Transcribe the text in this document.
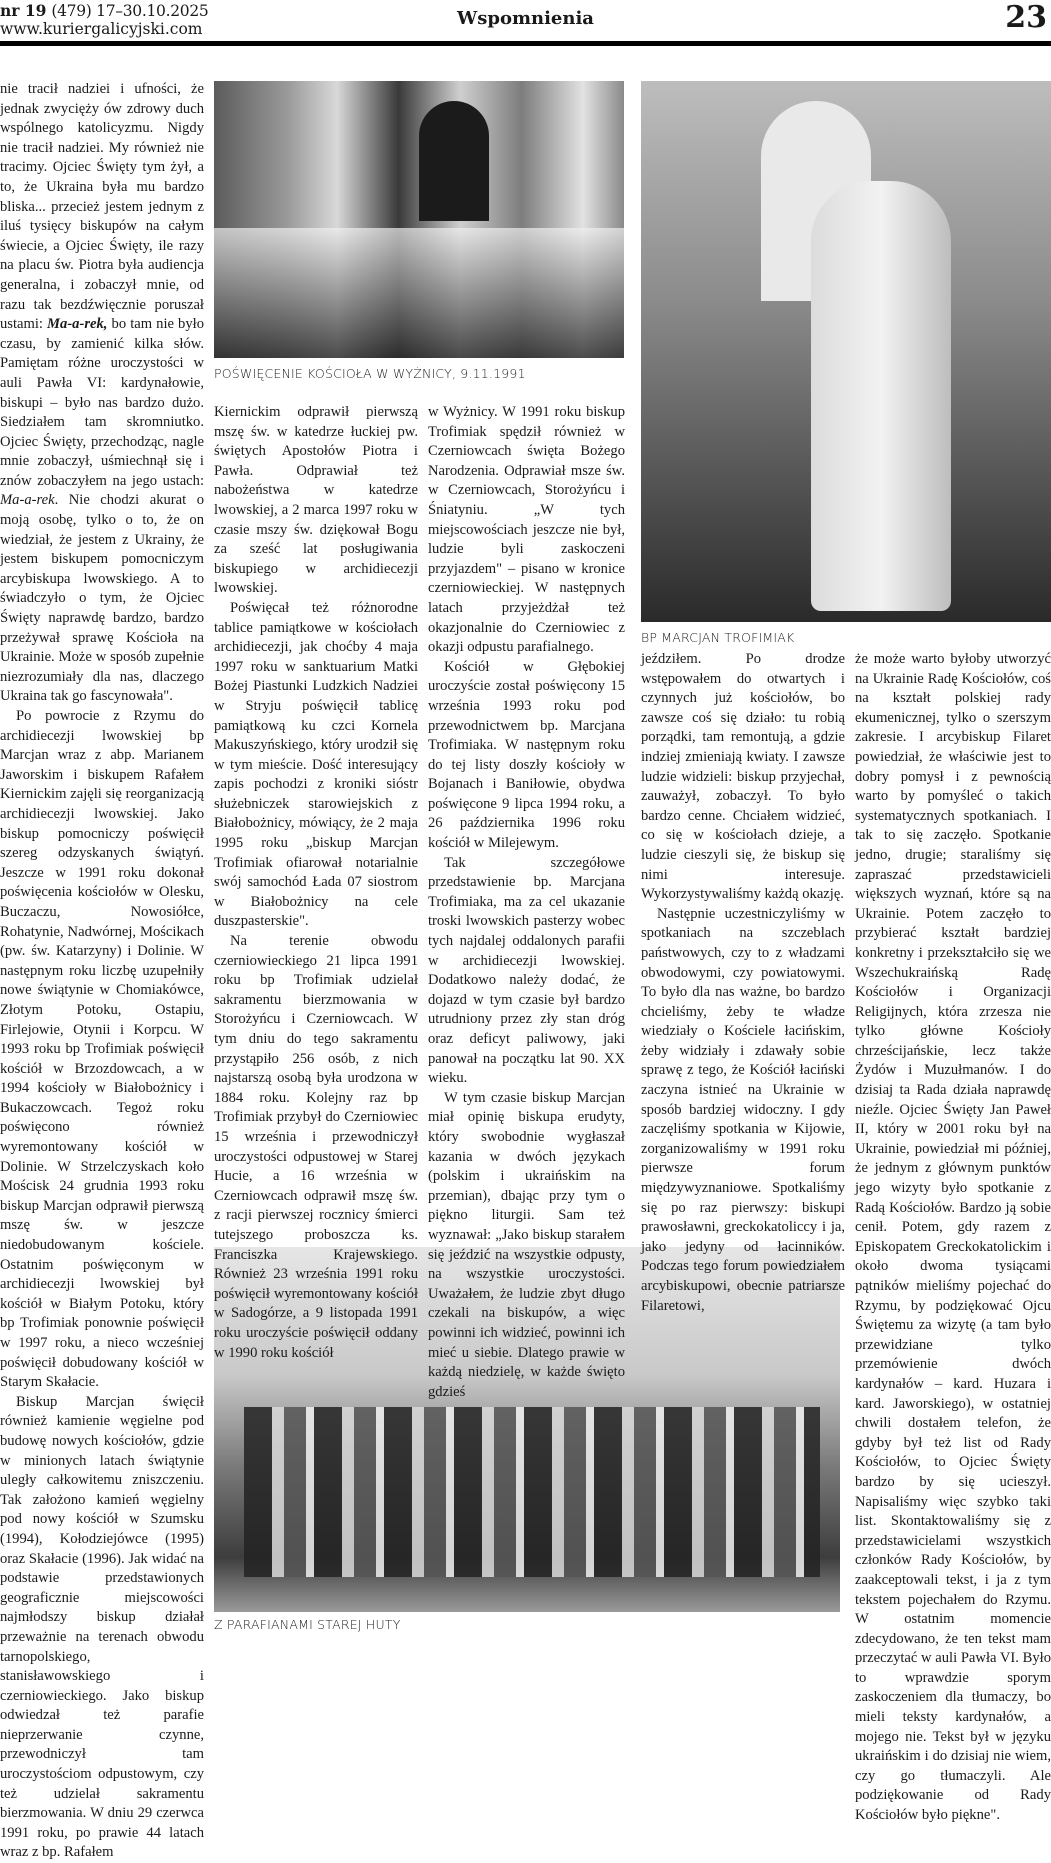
nr 19 (479) 17–30.10.2025
www.kuriergalicyjski.com	Wspomnienia	23
POŚWIĘCENIE KOŚCIOŁA W WYŻNICY, 9.11.1991
BP MARCJAN TROFIMIAK
Z PARAFIANAMI STAREJ HUTY

nie tracił nadziei i ufności, że jednak zwycięży ów zdrowy duch wspólnego katolicyzmu. Nigdy nie tracił nadziei. My również nie tracimy. Ojciec Święty tym żył, a to, że Ukraina była mu bardzo bliska... przecież jestem jednym z iluś tysięcy biskupów na całym świecie, a Ojciec Święty, ile razy na placu św. Piotra była audiencja generalna, i zobaczył mnie, od razu tak bezdźwięcznie poruszał ustami: Ma-a-rek, bo tam nie było czasu, by zamienić kilka słów. Pamiętam różne uroczystości w auli Pawła VI: kardynałowie, biskupi – było nas bardzo dużo. Siedziałem tam skromniutko. Ojciec Święty, przechodząc, nagle mnie zobaczył, uśmiechnął się i znów zobaczyłem na jego ustach: Ma-a-rek. Nie chodzi akurat o moją osobę, tylko o to, że on wiedział, że jestem z Ukrainy, że jestem biskupem pomocniczym arcybiskupa lwowskiego. A to świadczyło o tym, że Ojciec Święty naprawdę bardzo, bardzo przeżywał sprawę Kościoła na Ukrainie. Może w sposób zupełnie niezrozumiały dla nas, dlaczego Ukraina tak go fascynowała".

Po powrocie z Rzymu do archidiecezji lwowskiej bp Marcjan wraz z abp. Marianem Jaworskim i biskupem Rafałem Kiernickim zajęli się reorganizacją archidiecezji lwowskiej. Jako biskup pomocniczy poświęcił szereg odzyskanych świątyń. Jeszcze w 1991 roku dokonał poświęcenia kościołów w Olesku, Buczaczu, Nowosiółce, Rohatynie, Nadwórnej, Mościkach (pw. św. Katarzyny) i Dolinie. W następnym roku liczbę uzupełniły nowe świątynie w Chomiakówce, Złotym Potoku, Ostapiu, Firlejowie, Otynii i Korpcu. W 1993 roku bp Trofimiak poświęcił kościół w Brzozdowcach, a w 1994 kościoły w Białobożnicy i Bukaczowcach. Tegoż roku poświęcono również wyremontowany kościół w Dolinie. W Strzelczyskach koło Mościsk 24 grudnia 1993 roku biskup Marcjan odprawił pierwszą mszę św. w jeszcze niedobudowanym kościele. Ostatnim poświęconym w archidiecezji lwowskiej był kościół w Białym Potoku, który bp Trofimiak ponownie poświęcił w 1997 roku, a nieco wcześniej poświęcił dobudowany kościół w Starym Skałacie.

Biskup Marcjan święcił również kamienie węgielne pod budowę nowych kościołów, gdzie w minionych latach świątynie uległy całkowitemu zniszczeniu. Tak założono kamień węgielny pod nowy kościół w Szumsku (1994), Kołodziejówce (1995) oraz Skałacie (1996). Jak widać na podstawie przedstawionych geograficznie miejscowości najmłodszy biskup działał przeważnie na terenach obwodu tarnopolskiego, stanisławowskiego i czerniowieckiego. Jako biskup odwiedzał też parafie nieprzerwanie czynne, przewodniczył tam uroczystościom odpustowym, czy też udzielał sakramentu bierzmowania. W dniu 29 czerwca 1991 roku, po prawie 44 latach wraz z bp. Rafałem

Kiernickim odprawił pierwszą mszę św. w katedrze łuckiej pw. świętych Apostołów Piotra i Pawła. Odprawiał też nabożeństwa w katedrze lwowskiej, a 2 marca 1997 roku w czasie mszy św. dziękował Bogu za sześć lat posługiwania biskupiego w archidiecezji lwowskiej.

Poświęcał też różnorodne tablice pamiątkowe w kościołach archidiecezji, jak choćby 4 maja 1997 roku w sanktuarium Matki Bożej Piastunki Ludzkich Nadziei w Stryju poświęcił tablicę pamiątkową ku czci Kornela Makuszyńskiego, który urodził się w tym mieście. Dość interesujący zapis pochodzi z kroniki sióstr służebniczek starowiejskich z Białobożnicy, mówiący, że 2 maja 1995 roku „biskup Marcjan Trofimiak ofiarował notarialnie swój samochód Łada 07 siostrom w Białobożnicy na cele duszpasterskie".

Na terenie obwodu czerniowieckiego 21 lipca 1991 roku bp Trofimiak udzielał sakramentu bierzmowania w Storożyńcu i Czerniowcach. W tym dniu do tego sakramentu przystąpiło 256 osób, z nich najstarszą osobą była urodzona w 1884 roku. Kolejny raz bp Trofimiak przybył do Czerniowiec 15 września i przewodniczył uroczystości odpustowej w Starej Hucie, a 16 września w Czerniowcach odprawił mszę św. z racji pierwszej rocznicy śmierci tutejszego proboszcza ks. Franciszka Krajewskiego. Również 23 września 1991 roku poświęcił wyremontowany kościół w Sadogórze, a 9 listopada 1991 roku uroczyście poświęcił oddany w 1990 roku kościół

w Wyżnicy. W 1991 roku biskup Trofimiak spędził również w Czerniowcach święta Bożego Narodzenia. Odprawiał msze św. w Czerniowcach, Storożyńcu i Śniatyniu. „W tych miejscowościach jeszcze nie był, ludzie byli zaskoczeni przyjazdem" – pisano w kronice czerniowieckiej. W następnych latach przyjeżdżał też okazjonalnie do Czerniowiec z okazji odpustu parafialnego.

Kościół w Głębokiej uroczyście został poświęcony 15 września 1993 roku pod przewodnictwem bp. Marcjana Trofimiaka. W następnym roku do tej listy doszły kościoły w Bojanach i Baniłowie, obydwa poświęcone 9 lipca 1994 roku, a 26 października 1996 roku kościół w Milejewym.

Tak szczegółowe przedstawienie bp. Marcjana Trofimiaka, ma za cel ukazanie troski lwowskich pasterzy wobec tych najdalej oddalonych parafii w archidiecezji lwowskiej. Dodatkowo należy dodać, że dojazd w tym czasie był bardzo utrudniony przez zły stan dróg oraz deficyt paliwowy, jaki panował na początku lat 90. XX wieku.

W tym czasie biskup Marcjan miał opinię biskupa erudyty, który swobodnie wygłaszał kazania w dwóch językach (polskim i ukraińskim na przemian), dbając przy tym o piękno liturgii. Sam też wyznawał: „Jako biskup starałem się jeździć na wszystkie odpusty, na wszystkie uroczystości. Uważałem, że ludzie zbyt długo czekali na biskupów, a więc powinni ich widzieć, powinni ich mieć u siebie. Dlatego prawie w każdą niedzielę, w każde święto gdzieś

jeździłem. Po drodze wstępowałem do otwartych i czynnych już kościołów, bo zawsze coś się działo: tu robią porządki, tam remontują, a gdzie indziej zmieniają kwiaty. I zawsze ludzie widzieli: biskup przyjechał, zauważył, zobaczył. To było bardzo cenne. Chciałem widzieć, co się w kościołach dzieje, a ludzie cieszyli się, że biskup się nimi interesuje. Wykorzystywaliśmy każdą okazję.

Następnie uczestniczyliśmy w spotkaniach na szczeblach państwowych, czy to z władzami obwodowymi, czy powiatowymi. To było dla nas ważne, bo bardzo chcieliśmy, żeby te władze wiedziały o Kościele łacińskim, żeby widziały i zdawały sobie sprawę z tego, że Kościół łaciński zaczyna istnieć na Ukrainie w sposób bardziej widoczny. I gdy zaczęliśmy spotkania w Kijowie, zorganizowaliśmy w 1991 roku pierwsze forum międzywyznaniowe. Spotkaliśmy się po raz pierwszy: biskupi prawosławni, greckokatoliccy i ja, jako jedyny od łacinników. Podczas tego forum powiedziałem arcybiskupowi, obecnie patriarsze Filaretowi,

że może warto byłoby utworzyć na Ukrainie Radę Kościołów, coś na kształt polskiej rady ekumenicznej, tylko o szerszym zakresie. I arcybiskup Filaret powiedział, że właściwie jest to dobry pomysł i z pewnością warto by pomyśleć o takich systematycznych spotkaniach. I tak to się zaczęło. Spotkanie jedno, drugie; staraliśmy się zapraszać przedstawicieli większych wyznań, które są na Ukrainie. Potem zaczęło to przybierać kształt bardziej konkretny i przekształciło się we Wszechukraińską Radę Kościołów i Organizacji Religijnych, która zrzesza nie tylko główne Kościoły chrześcijańskie, lecz także Żydów i Muzułmanów. I do dzisiaj ta Rada działa naprawdę nieźle. Ojciec Święty Jan Paweł II, który w 2001 roku był na Ukrainie, powiedział mi później, że jednym z głównym punktów jego wizyty było spotkanie z Radą Kościołów. Bardzo ją sobie cenił. Potem, gdy razem z Episkopatem Greckokatolickim i około dwoma tysiącami pątników mieliśmy pojechać do Rzymu, by podziękować Ojcu Świętemu za wizytę (a tam było przewidziane tylko przemówienie dwóch kardynałów – kard. Huzara i kard. Jaworskiego), w ostatniej chwili dostałem telefon, że gdyby był też list od Rady Kościołów, to Ojciec Święty bardzo by się ucieszył. Napisaliśmy więc szybko taki list. Skontaktowaliśmy się z przedstawicielami wszystkich członków Rady Kościołów, by zaakceptowali tekst, i ja z tym tekstem pojechałem do Rzymu. W ostatnim momencie zdecydowano, że ten tekst mam przeczytać w auli Pawła VI. Było to wprawdzie sporym zaskoczeniem dla tłumaczy, bo mieli teksty kardynałów, a mojego nie. Tekst był w języku ukraińskim i do dzisiaj nie wiem, czy go tłumaczyli. Ale podziękowanie od Rady Kościołów było piękne".
